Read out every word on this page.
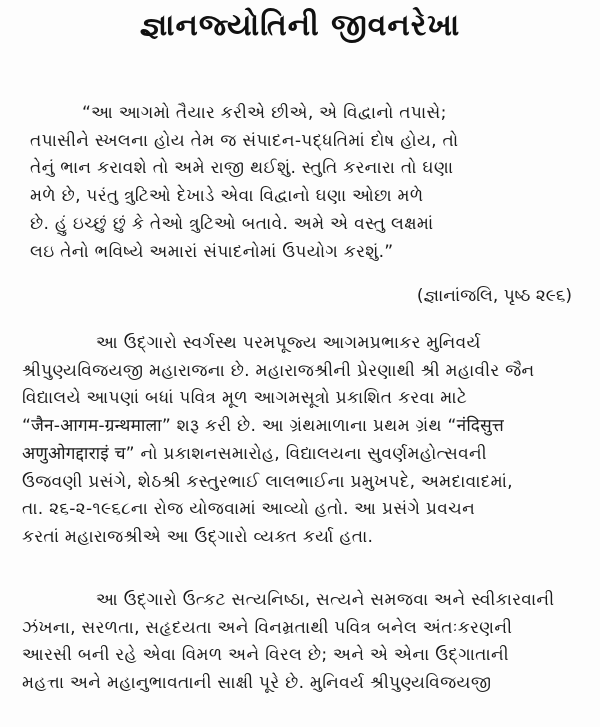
જ્ઞાનજ્યોતિની જીવનરેખા
“આ આગમો તૈયાર કરીએ છીએ, એ વિદ્વાનો તપાસે;
તપાસીને સ્ખલના હોય તેમ જ સંપાદન-પદ્ધતિમાં દોષ હોય, તો
તેનું ભાન કરાવશે તો અમે રાજી થઈશું. સ્તુતિ કરનારા તો ઘણા
મળે છે, પરંતુ ત્રુટિઓ દેખાડે એવા વિદ્વાનો ઘણા ઓછા મળે
છે. હું ઇચ્છું છું કે તેઓ ત્રુટિઓ બતાવે. અમે એ વસ્તુ લક્ષમાં
લઇ તેનો ભવિષ્યે અમારાં સંપાદનોમાં ઉપયોગ કરશું.”
(જ્ઞાનાંજલિ, પૃષ્ઠ ૨૯૬)
આ ઉદ્ગારો સ્વર્ગસ્થ પરમપૂજ્ય આગમપ્રભાકર મુનિવર્ય
શ્રીપુણ્યવિજયજી મહારાજના છે. મહારાજશ્રીની પ્રેરણાથી શ્રી મહાવીર જૈન
વિદ્યાલયે આપણાં બધાં પવિત્ર મૂળ આગમસૂત્રો પ્રકાશિત કરવા માટે
“जैन-आगम-ग्रन्थमाला” શરૂ કરી છે. આ ગ્રંથમાળાના પ્રથમ ગ્રંથ “नंदिसुत्त
अणुओगद्दाराइं च” નો પ્રકાશનસમારોહ, વિદ્યાલયના સુવર્ણમહોત્સવની
ઉજવણી પ્રસંગે, શેઠશ્રી કસ્તુરભાઈ લાલભાઈના પ્રમુખપદે, અમદાવાદમાં,
તા. ૨૬-૨-૧૯૬૮ના રોજ યોજવામાં આવ્યો હતો. આ પ્રસંગે પ્રવચન
કરતાં મહારાજશ્રીએ આ ઉદ્ગારો વ્યક્ત કર્યા હતા.
આ ઉદ્ગારો ઉત્કટ સત્યનિષ્ઠા, સત્યને સમજવા અને સ્વીકારવાની
ઝંખના, સરળતા, સહૃદયતા અને વિનમ્રતાથી પવિત્ર બનેલ અંતઃકરણની
આરસી બની રહે એવા વિમળ અને વિરલ છે; અને એ એના ઉદ્ગાતાની
મહત્તા અને મહાનુભાવતાની સાક્ષી પૂરે છે. મુનિવર્ય શ્રીપુણ્યવિજયજી
